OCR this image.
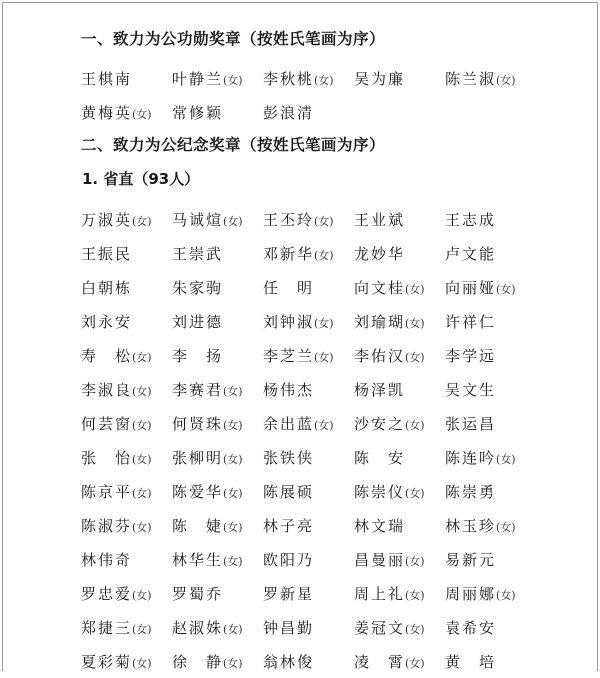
一、致力为公功勋奖章（按姓氏笔画为序）

王棋南	叶静兰(女)	李秋桃(女)	吴为廉	陈兰淑(女)
黄梅英(女)	常修颖	彭浪清

二、致力为公纪念奖章（按姓氏笔画为序）

1. 省直（93人）
万淑英(女)	马诚煊(女)	王丕玲(女)	王业斌	王志成
王振民	王崇武	邓新华(女)	龙妙华	卢文能
白朝栋	朱家驹	任　明	向文桂(女)	向丽娅(女)
刘永安	刘进德	刘钟淑(女)	刘瑜瑚(女)	许祥仁
寿　松(女)	李　扬	李芝兰(女)	李佑汉(女)	李学远
李淑良(女)	李赛君(女)	杨伟杰	杨泽凯	吴文生
何芸窗(女)	何贤珠(女)	余出蓝(女)	沙安之(女)	张运昌
张　怡(女)	张柳明(女)	张铁侠	陈　安	陈连吟(女)
陈京平(女)	陈爱华(女)	陈展硕	陈崇仪(女)	陈崇勇
陈淑芬(女)	陈　婕(女)	林子亮	林文瑞	林玉珍(女)
林伟奇	林华生(女)	欧阳乃	昌曼丽(女)	易新元
罗忠爱(女)	罗蜀乔	罗新星	周上礼(女)	周丽娜(女)
郑捷三(女)	赵淑姝(女)	钟昌勤	姜冠文(女)	袁希安
夏彩菊(女)	徐　静(女)	翁林俊	凌　霄(女)	黄　培
